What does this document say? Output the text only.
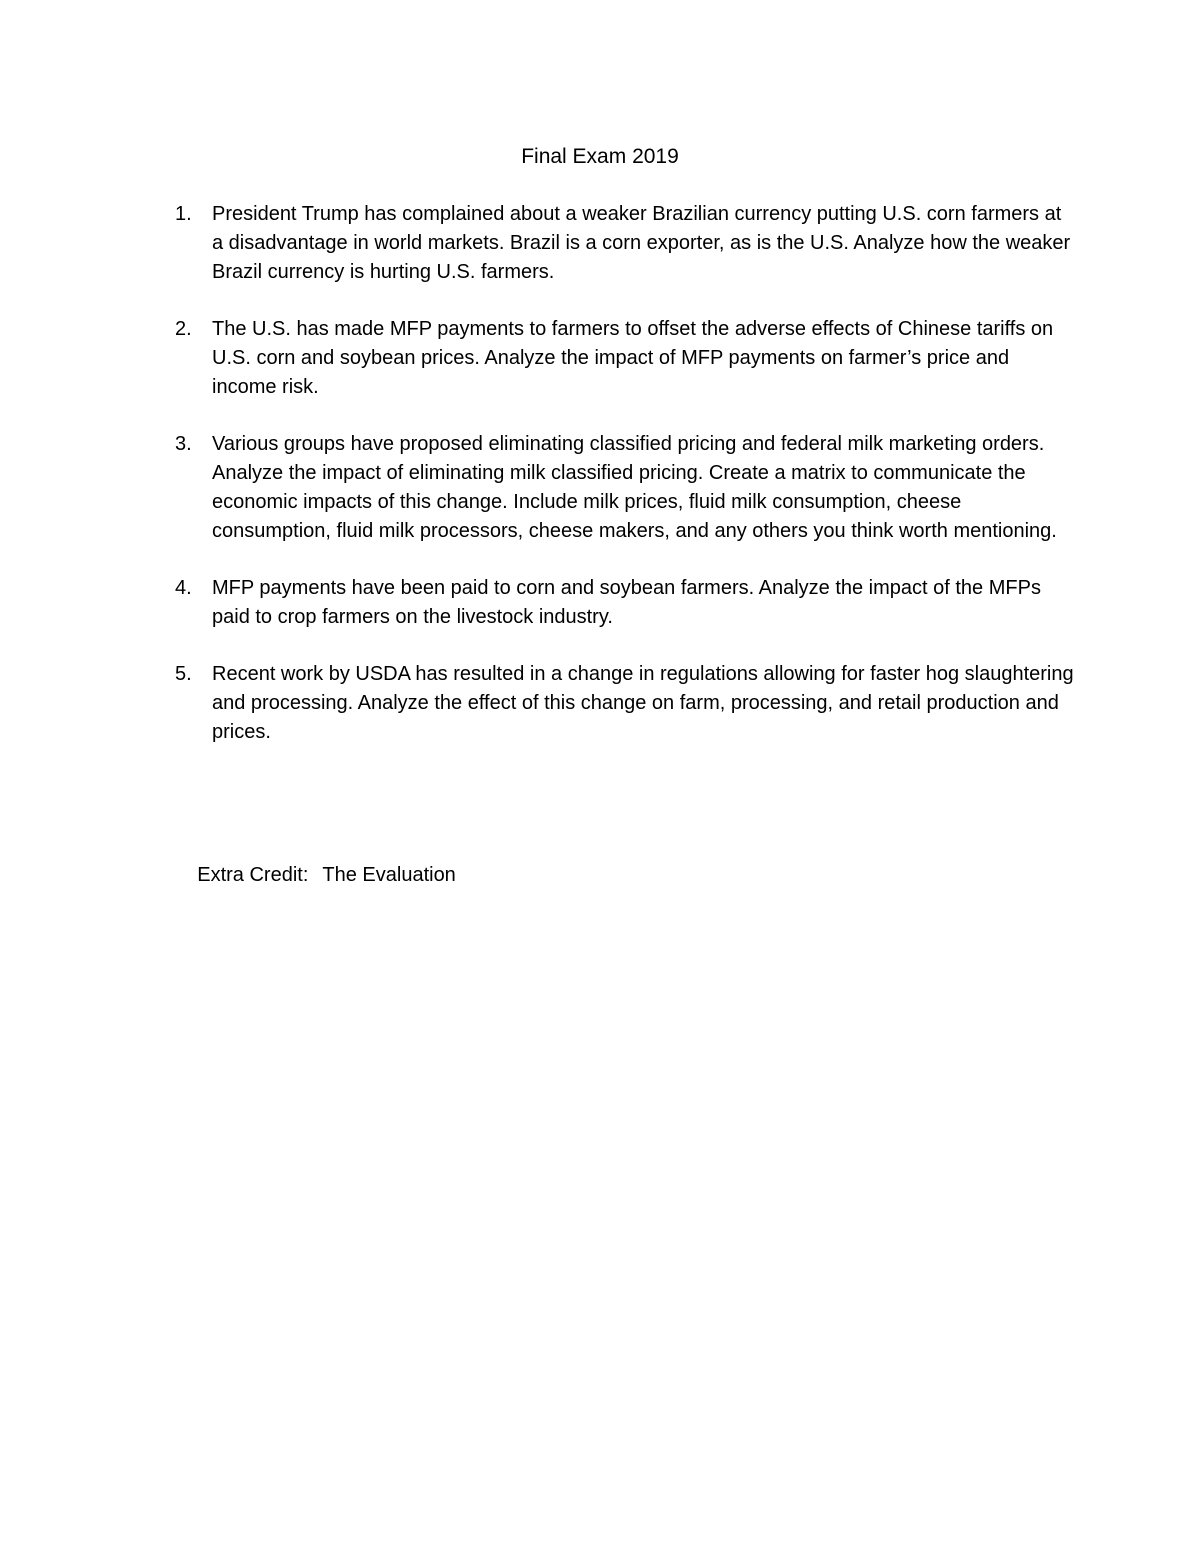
Final Exam 2019
1. President Trump has complained about a weaker Brazilian currency putting U.S. corn farmers at a disadvantage in world markets. Brazil is a corn exporter, as is the U.S. Analyze how the weaker Brazil currency is hurting U.S. farmers.
2. The U.S. has made MFP payments to farmers to offset the adverse effects of Chinese tariffs on U.S. corn and soybean prices. Analyze the impact of MFP payments on farmer’s price and income risk.
3. Various groups have proposed eliminating classified pricing and federal milk marketing orders. Analyze the impact of eliminating milk classified pricing. Create a matrix to communicate the economic impacts of this change. Include milk prices, fluid milk consumption, cheese consumption, fluid milk processors, cheese makers, and any others you think worth mentioning.
4. MFP payments have been paid to corn and soybean farmers. Analyze the impact of the MFPs paid to crop farmers on the livestock industry.
5. Recent work by USDA has resulted in a change in regulations allowing for faster hog slaughtering and processing. Analyze the effect of this change on farm, processing, and retail production and prices.

Extra Credit: The Evaluation
